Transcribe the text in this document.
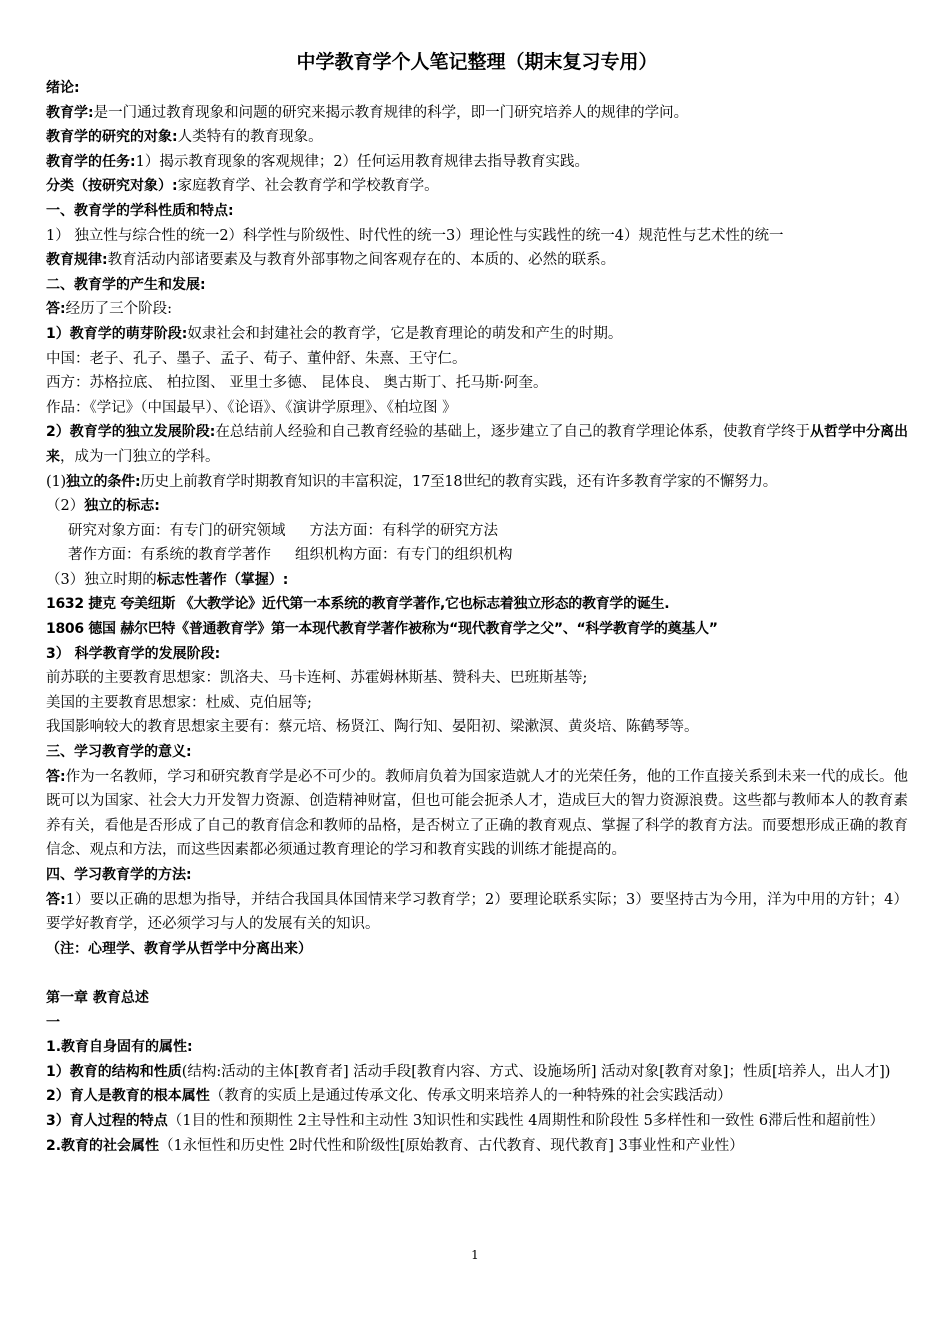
中学教育学个人笔记整理（期末复习专用）
绪论:
教育学:是一门通过教育现象和问题的研究来揭示教育规律的科学，即一门研究培养人的规律的学问。
教育学的研究的对象:人类特有的教育现象。
教育学的任务:1）揭示教育现象的客观规律；2）任何运用教育规律去指导教育实践。
分类（按研究对象）:家庭教育学、社会教育学和学校教育学。
一、教育学的学科性质和特点:
1） 独立性与综合性的统一2）科学性与阶级性、时代性的统一3）理论性与实践性的统一4）规范性与艺术性的统一
教育规律:教育活动内部诸要素及与教育外部事物之间客观存在的、本质的、必然的联系。
二、教育学的产生和发展:
答:经历了三个阶段:
1）教育学的萌芽阶段:奴隶社会和封建社会的教育学，它是教育理论的萌发和产生的时期。
中国：老子、孔子、墨子、孟子、荀子、董仲舒、朱熹、王守仁。
西方：苏格拉底、 柏拉图、 亚里士多德、 昆体良、 奥古斯丁、托马斯·阿奎。
作品：《学记》（中国最早）、《论语》、《演讲学原理》、《柏垃图 》
2）教育学的独立发展阶段:在总结前人经验和自己教育经验的基础上，逐步建立了自己的教育学理论体系，使教育学终于从哲学中分离出来，成为一门独立的学科。
(1)独立的条件:历史上前教育学时期教育知识的丰富积淀，17至18世纪的教育实践，还有许多教育学家的不懈努力。
（2）独立的标志:
研究对象方面：有专门的研究领域 方法方面：有科学的研究方法
著作方面：有系统的教育学著作 组织机构方面：有专门的组织机构
（3）独立时期的标志性著作（掌握）:
1632 捷克 夸美纽斯 《大教学论》近代第一本系统的教育学著作,它也标志着独立形态的教育学的诞生.
1806 德国 赫尔巴特《普通教育学》第一本现代教育学著作被称为“现代教育学之父”、“科学教育学的奠基人”
3） 科学教育学的发展阶段:
前苏联的主要教育思想家：凯洛夫、马卡连柯、苏霍姆林斯基、赞科夫、巴班斯基等;
美国的主要教育思想家：杜威、克伯屈等;
我国影响较大的教育思想家主要有：蔡元培、杨贤江、陶行知、晏阳初、梁漱溟、黄炎培、陈鹤琴等。
三、学习教育学的意义:
答:作为一名教师，学习和研究教育学是必不可少的。教师肩负着为国家造就人才的光荣任务，他的工作直接关系到未来一代的成长。他既可以为国家、社会大力开发智力资源、创造精神财富，但也可能会扼杀人才，造成巨大的智力资源浪费。这些都与教师本人的教育素养有关，看他是否形成了自己的教育信念和教师的品格，是否树立了正确的教育观点、掌握了科学的教育方法。而要想形成正确的教育信念、观点和方法，而这些因素都必须通过教育理论的学习和教育实践的训练才能提高的。
四、学习教育学的方法:
答:1）要以正确的思想为指导，并结合我国具体国情来学习教育学；2）要理论联系实际；3）要坚持古为今用，洋为中用的方针；4）要学好教育学，还必须学习与人的发展有关的知识。
（注：心理学、教育学从哲学中分离出来）
第一章 教育总述
一
1.教育自身固有的属性:
1）教育的结构和性质(结构:活动的主体[教育者] 活动手段[教育内容、方式、设施场所] 活动对象[教育对象]；性质[培养人，出人才])
2）育人是教育的根本属性（教育的实质上是通过传承文化、传承文明来培养人的一种特殊的社会实践活动）
3）育人过程的特点（1目的性和预期性 2主导性和主动性 3知识性和实践性 4周期性和阶段性 5多样性和一致性 6滞后性和超前性）
2.教育的社会属性（1永恒性和历史性 2时代性和阶级性[原始教育、古代教育、现代教育] 3事业性和产业性）
1
